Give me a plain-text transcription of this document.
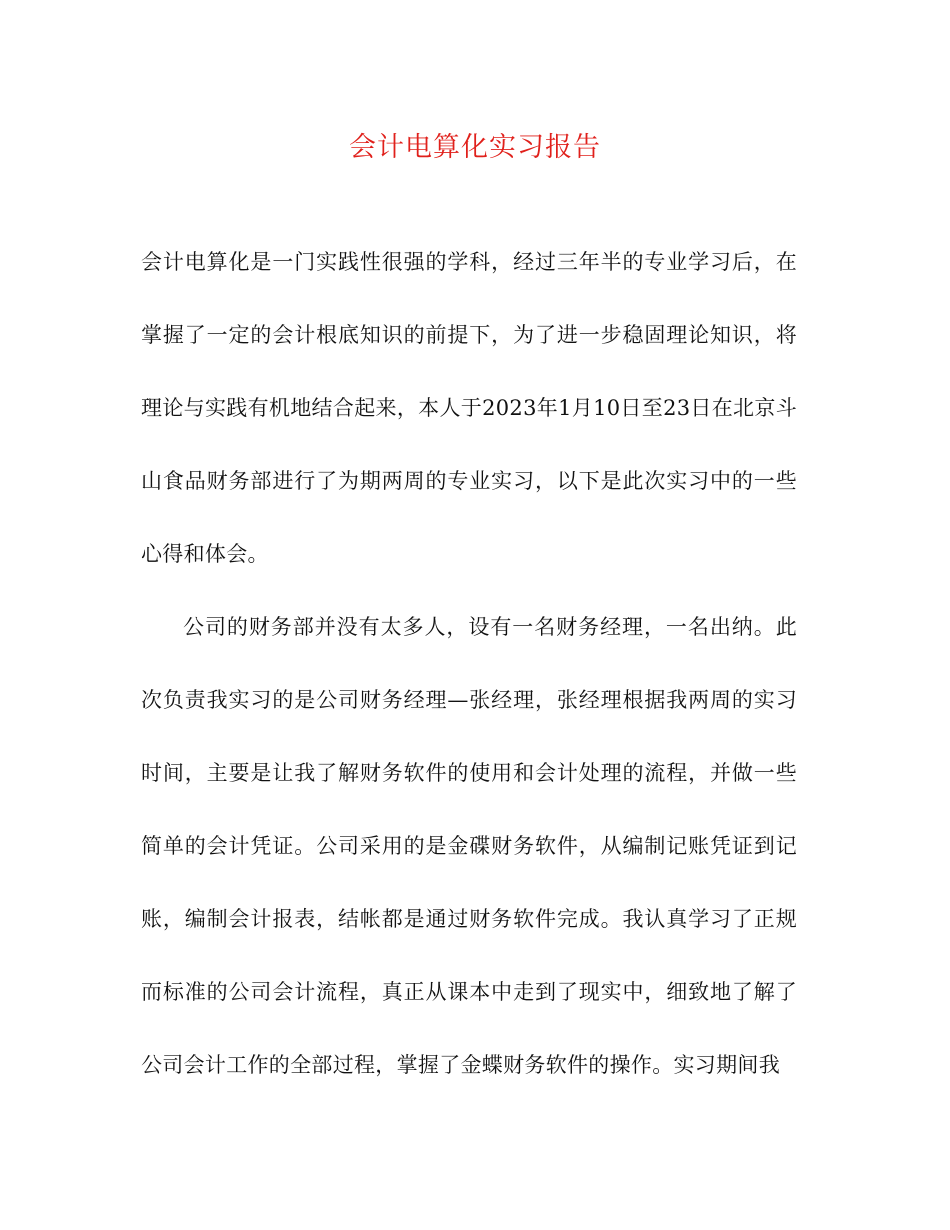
会计电算化实习报告

会计电算化是一门实践性很强的学科，经过三年半的专业学习后，在掌握了一定的会计根底知识的前提下，为了进一步稳固理论知识，将理论与实践有机地结合起来，本人于2023年1月10日至23日在北京斗山食品财务部进行了为期两周的专业实习，以下是此次实习中的一些心得和体会。

公司的财务部并没有太多人，设有一名财务经理，一名出纳。此次负责我实习的是公司财务经理—张经理，张经理根据我两周的实习时间，主要是让我了解财务软件的使用和会计处理的流程，并做一些简单的会计凭证。公司采用的是金碟财务软件，从编制记账凭证到记账，编制会计报表，结帐都是通过财务软件完成。我认真学习了正规而标准的公司会计流程，真正从课本中走到了现实中，细致地了解了公司会计工作的全部过程，掌握了金蝶财务软件的操作。实习期间我
